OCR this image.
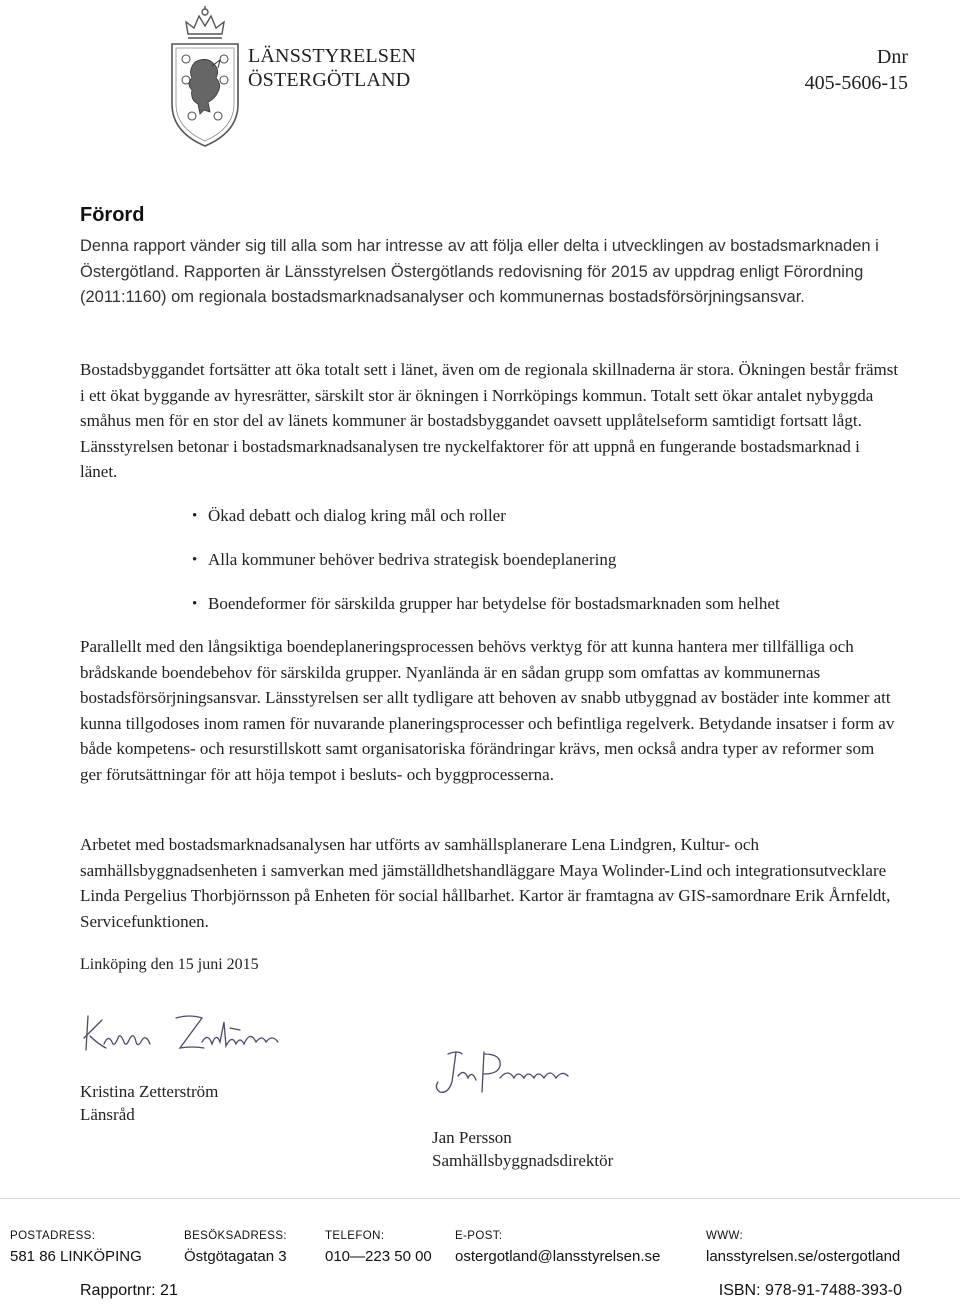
LÄNSSTYRELSEN
ÖSTERGÖTLAND
Dnr
405-5606-15
Förord

Denna rapport vänder sig till alla som har intresse av att följa eller delta i utvecklingen av bostadsmarknaden i Östergötland. Rapporten är Länsstyrelsen Östergötlands redovisning för 2015 av uppdrag enligt Förordning (2011:1160) om regionala bostadsmarknadsanalyser och kommunernas bostadsförsörjningsansvar.

Bostadsbyggandet fortsätter att öka totalt sett i länet, även om de regionala skillnaderna är stora. Ökningen består främst i ett ökat byggande av hyresrätter, särskilt stor är ökningen i Norrköpings kommun. Totalt sett ökar antalet nybyggda småhus men för en stor del av länets kommuner är bostadsbyggandet oavsett upplåtelseform samtidigt fortsatt lågt. Länsstyrelsen betonar i bostadsmarknadsanalysen tre nyckelfaktorer för att uppnå en fungerande bostadsmarknad i länet.

• Ökad debatt och dialog kring mål och roller
• Alla kommuner behöver bedriva strategisk boendeplanering
• Boendeformer för särskilda grupper har betydelse för bostadsmarknaden som helhet

Parallellt med den långsiktiga boendeplaneringsprocessen behövs verktyg för att kunna hantera mer tillfälliga och brådskande boendebehov för särskilda grupper. Nyanlända är en sådan grupp som omfattas av kommunernas bostadsförsörjningsansvar. Länsstyrelsen ser allt tydligare att behoven av snabb utbyggnad av bostäder inte kommer att kunna tillgodoses inom ramen för nuvarande planeringsprocesser och befintliga regelverk. Betydande insatser i form av både kompetens- och resurstillskott samt organisatoriska förändringar krävs, men också andra typer av reformer som ger förutsättningar för att höja tempot i besluts- och byggprocesserna.

Arbetet med bostadsmarknadsanalysen har utförts av samhällsplanerare Lena Lindgren, Kultur- och samhällsbyggnadsenheten i samverkan med jämställdhetshandläggare Maya Wolinder-Lind och integrationsutvecklare Linda Pergelius Thorbjörnsson på Enheten för social hållbarhet. Kartor är framtagna av GIS-samordnare Erik Årnfeldt, Servicefunktionen.

Linköping den 15 juni 2015
Kristina Zetterström
Länsråd
Jan Persson
Samhällsbyggnadsdirektör
POSTADRESS:
581 86 LINKÖPING
BESÖKSADRESS:
Östgötagatan 3
TELEFON:
010—223 50 00
E-POST:
ostergotland@lansstyrelsen.se
WWW:
lansstyrelsen.se/ostergotland
Rapportnr: 21	ISBN: 978-91-7488-393-0
